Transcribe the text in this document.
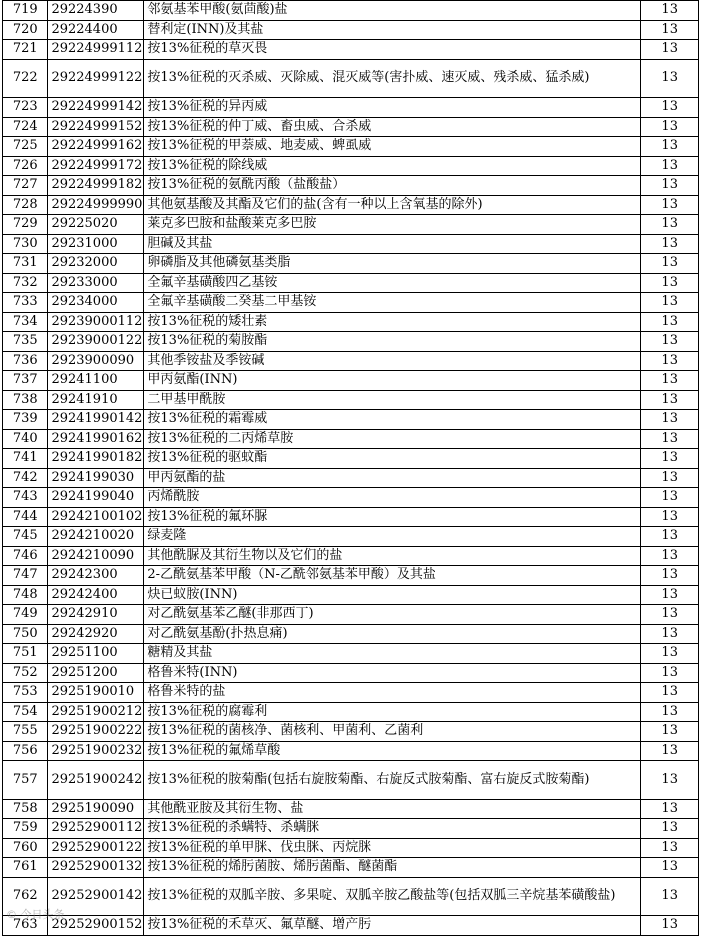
719	29224390	邻氨基苯甲酸(氨茴酸)盐	13
720	29224400	替利定(INN)及其盐	13
721	29224999112	按13%征税的草灭畏	13
722	29224999122	按13%征税的灭杀威、灭除威、混灭威等(害扑威、速灭威、残杀威、猛杀威)	13
723	29224999142	按13%征税的异丙威	13
724	29224999152	按13%征税的仲丁威、畜虫威、合杀威	13
725	29224999162	按13%征税的甲萘威、地麦威、蜱虱威	13
726	29224999172	按13%征税的除线威	13
727	29224999182	按13%征税的氨酰丙酸（盐酸盐）	13
728	29224999990	其他氨基酸及其酯及它们的盐(含有一种以上含氧基的除外)	13
729	29225020	莱克多巴胺和盐酸莱克多巴胺	13
730	29231000	胆碱及其盐	13
731	29232000	卵磷脂及其他磷氨基类脂	13
732	29233000	全氟辛基磺酸四乙基铵	13
733	29234000	全氟辛基磺酸二癸基二甲基铵	13
734	29239000112	按13%征税的矮壮素	13
735	29239000122	按13%征税的菊胺酯	13
736	2923900090	其他季铵盐及季铵碱	13
737	29241100	甲丙氨酯(INN)	13
738	29241910	二甲基甲酰胺	13
739	29241990142	按13%征税的霜霉威	13
740	29241990162	按13%征税的二丙烯草胺	13
741	29241990182	按13%征税的驱蚊酯	13
742	2924199030	甲丙氨酯的盐	13
743	2924199040	丙烯酰胺	13
744	29242100102	按13%征税的氟环脲	13
745	2924210020	绿麦隆	13
746	2924210090	其他酰脲及其衍生物以及它们的盐	13
747	29242300	2-乙酰氨基苯甲酸（N-乙酰邻氨基苯甲酸）及其盐	13
748	29242400	炔已蚁胺(INN)	13
749	29242910	对乙酰氨基苯乙醚(非那西丁)	13
750	29242920	对乙酰氨基酚(扑热息痛)	13
751	29251100	糖精及其盐	13
752	29251200	格鲁米特(INN)	13
753	2925190010	格鲁米特的盐	13
754	29251900212	按13%征税的腐霉利	13
755	29251900222	按13%征税的菌核净、菌核利、甲菌利、乙菌利	13
756	29251900232	按13%征税的氟烯草酸	13
757	29251900242	按13%征税的胺菊酯(包括右旋胺菊酯、右旋反式胺菊酯、富右旋反式胺菊酯)	13
758	2925190090	其他酰亚胺及其衍生物、盐	13
759	29252900112	按13%征税的杀螨特、杀螨脒	13
760	29252900122	按13%征税的单甲脒、伐虫脒、丙烷脒	13
761	29252900132	按13%征税的烯肟菌胺、烯肟菌酯、醚菌酯	13
762	29252900142	按13%征税的双胍辛胺、多果啶、双胍辛胺乙酸盐等(包括双胍三辛烷基苯磺酸盐)	13
763	29252900152	按13%征税的禾草灭、氟草醚、增产肟	13
© 今日头条
